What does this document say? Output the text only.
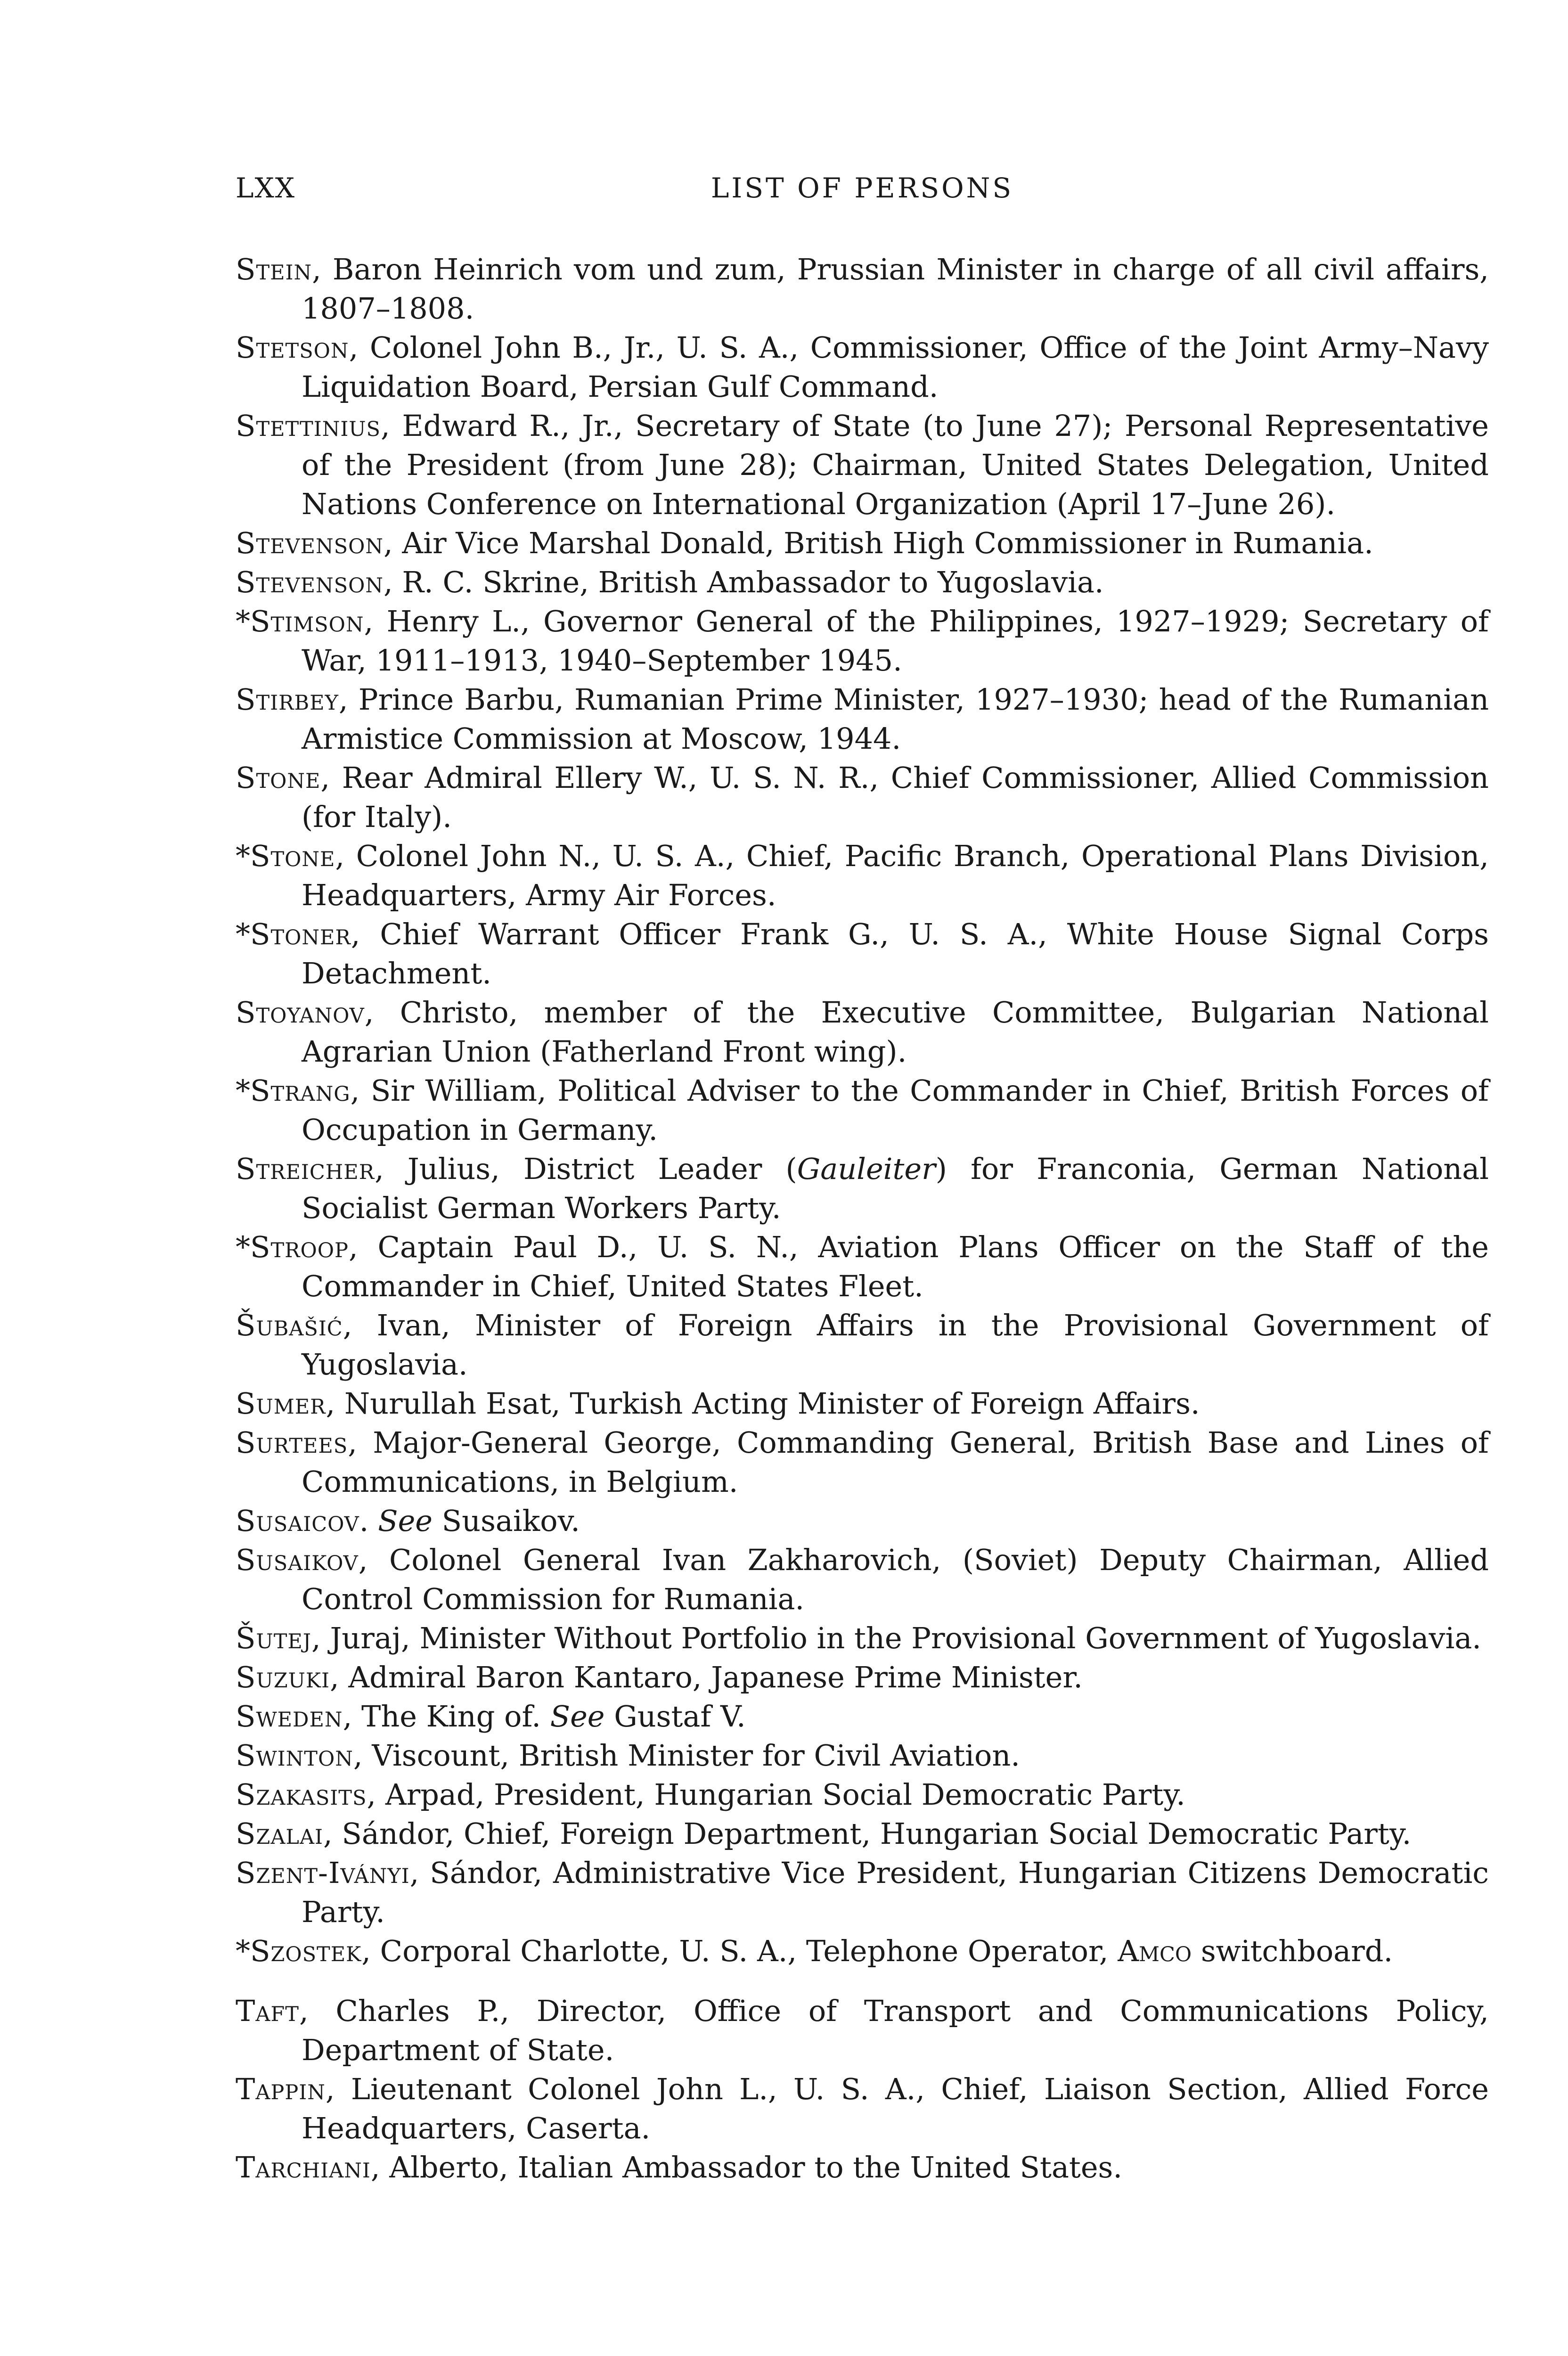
LXX	LIST OF PERSONS

Stein, Baron Heinrich vom und zum, Prussian Minister in charge of all civil affairs, 1807–1808.

Stetson, Colonel John B., Jr., U. S. A., Commissioner, Office of the Joint Army–Navy Liquidation Board, Persian Gulf Command.

Stettinius, Edward R., Jr., Secretary of State (to June 27); Personal Representative of the President (from June 28); Chairman, United States Delegation, United Nations Conference on International Organization (April 17–June 26).

Stevenson, Air Vice Marshal Donald, British High Commissioner in Rumania.

Stevenson, R. C. Skrine, British Ambassador to Yugoslavia.

*Stimson, Henry L., Governor General of the Philippines, 1927–1929; Secretary of War, 1911–1913, 1940–September 1945.

Stirbey, Prince Barbu, Rumanian Prime Minister, 1927–1930; head of the Rumanian Armistice Commission at Moscow, 1944.

Stone, Rear Admiral Ellery W., U. S. N. R., Chief Commissioner, Allied Commission (for Italy).

*Stone, Colonel John N., U. S. A., Chief, Pacific Branch, Operational Plans Division, Headquarters, Army Air Forces.

*Stoner, Chief Warrant Officer Frank G., U. S. A., White House Signal Corps Detachment.

Stoyanov, Christo, member of the Executive Committee, Bulgarian National Agrarian Union (Fatherland Front wing).

*Strang, Sir William, Political Adviser to the Commander in Chief, British Forces of Occupation in Germany.

Streicher, Julius, District Leader (Gauleiter) for Franconia, German National Socialist German Workers Party.

*Stroop, Captain Paul D., U. S. N., Aviation Plans Officer on the Staff of the Commander in Chief, United States Fleet.

Šubašić, Ivan, Minister of Foreign Affairs in the Provisional Government of Yugoslavia.

Sumer, Nurullah Esat, Turkish Acting Minister of Foreign Affairs.

Surtees, Major-General George, Commanding General, British Base and Lines of Communications, in Belgium.

Susaicov. See Susaikov.

Susaikov, Colonel General Ivan Zakharovich, (Soviet) Deputy Chairman, Allied Control Commission for Rumania.

Šutej, Juraj, Minister Without Portfolio in the Provisional Government of Yugoslavia.

Suzuki, Admiral Baron Kantaro, Japanese Prime Minister.

Sweden, The King of. See Gustaf V.

Swinton, Viscount, British Minister for Civil Aviation.

Szakasits, Arpad, President, Hungarian Social Democratic Party.

Szalai, Sándor, Chief, Foreign Department, Hungarian Social Democratic Party.

Szent-Iványi, Sándor, Administrative Vice President, Hungarian Citizens Democratic Party.

*Szostek, Corporal Charlotte, U. S. A., Telephone Operator, Amco switchboard.

Taft, Charles P., Director, Office of Transport and Communications Policy, Department of State.

Tappin, Lieutenant Colonel John L., U. S. A., Chief, Liaison Section, Allied Force Headquarters, Caserta.

Tarchiani, Alberto, Italian Ambassador to the United States.
